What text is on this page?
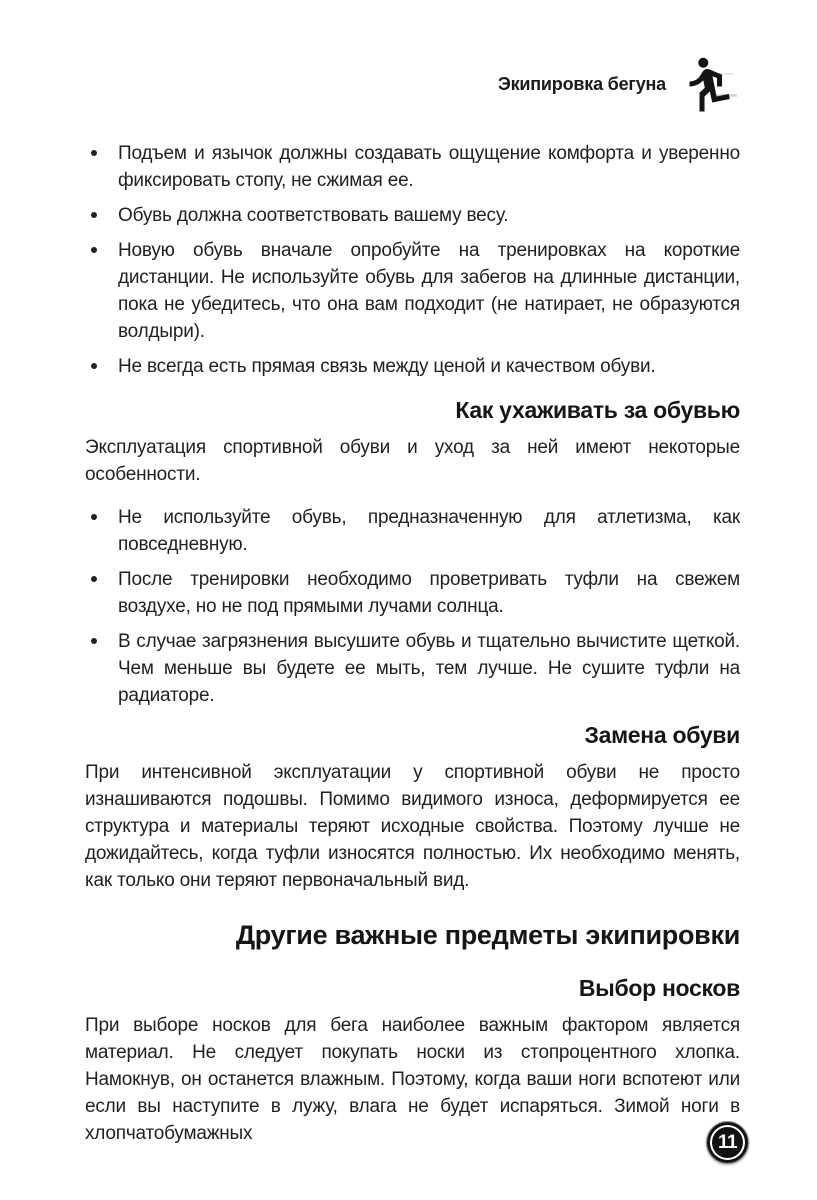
Экипировка бегуна
Подъем и язычок должны создавать ощущение комфорта и уверенно фиксировать стопу, не сжимая ее.
Обувь должна соответствовать вашему весу.
Новую обувь вначале опробуйте на тренировках на короткие дистанции. Не используйте обувь для забегов на длинные дистанции, пока не убедитесь, что она вам подходит (не натирает, не образуются волдыри).
Не всегда есть прямая связь между ценой и качеством обуви.
Как ухаживать за обувью

Эксплуатация спортивной обуви и уход за ней имеют некоторые особенности.

Не используйте обувь, предназначенную для атлетизма, как повседневную.
После тренировки необходимо проветривать туфли на свежем воздухе, но не под прямыми лучами солнца.
В случае загрязнения высушите обувь и тщательно вычистите щеткой. Чем меньше вы будете ее мыть, тем лучше. Не сушите туфли на радиаторе.
Замена обуви

При интенсивной эксплуатации у спортивной обуви не просто изнашиваются подошвы. Помимо видимого износа, деформируется ее структура и материалы теряют исходные свойства. Поэтому лучше не дожидайтесь, когда туфли износятся полностью. Их необходимо менять, как только они теряют первоначальный вид.

Другие важные предметы экипировки
Выбор носков

При выборе носков для бега наиболее важным фактором является материал. Не следует покупать носки из стопроцентного хлопка. Намокнув, он останется влажным. Поэтому, когда ваши ноги вспотеют или если вы наступите в лужу, влага не будет испаряться. Зимой ноги в хлопчатобумажных	11
